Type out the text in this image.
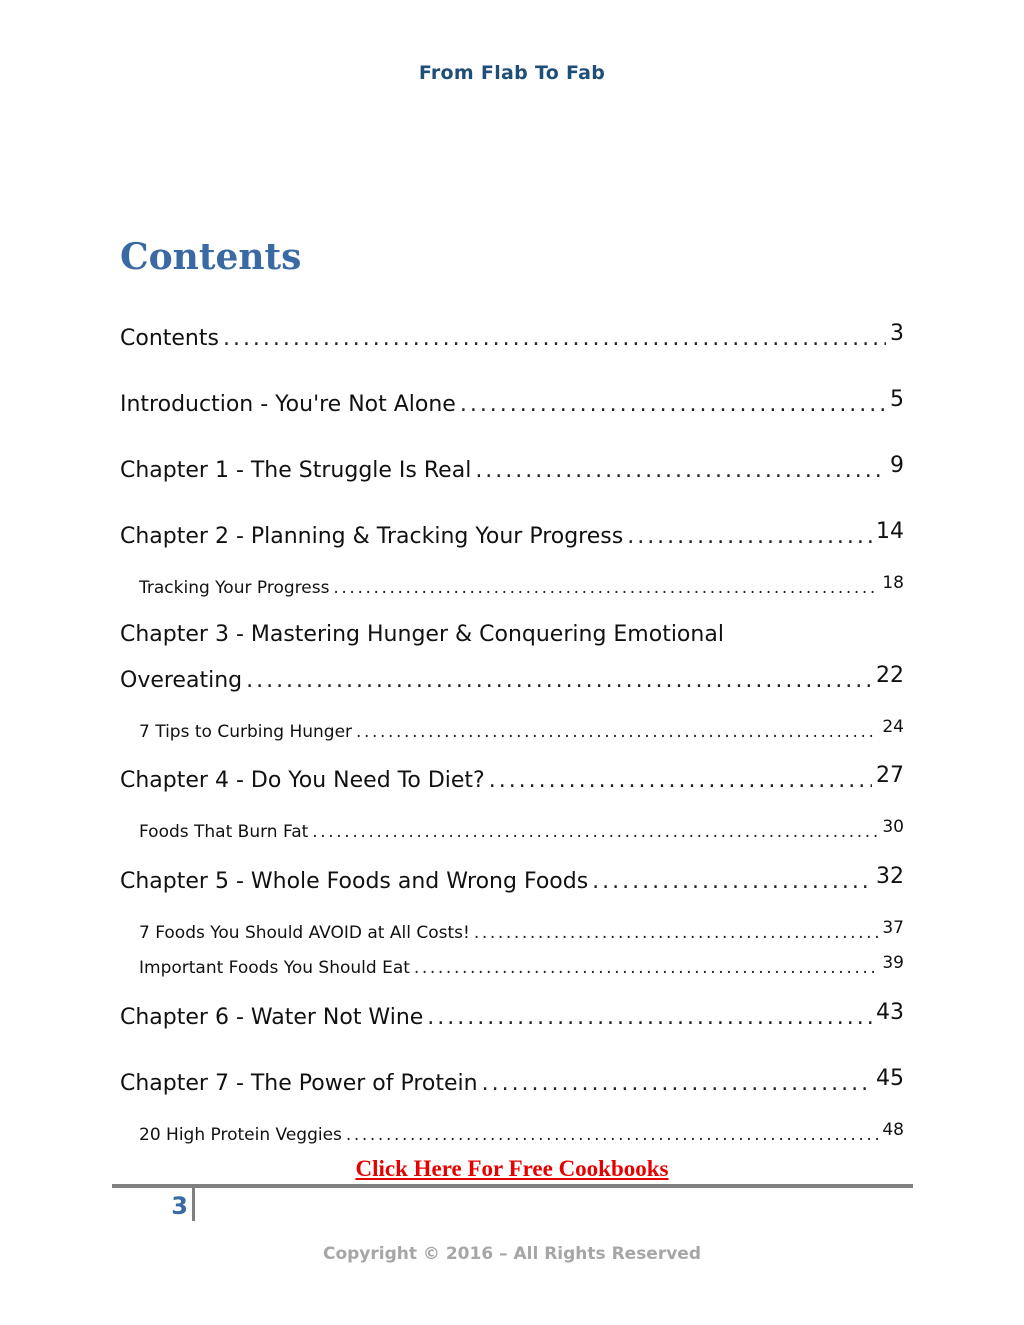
From Flab To Fab
Contents
Contents . . .	3
Introduction - You're Not Alone . . .	5
Chapter 1 - The Struggle Is Real . . .	9
Chapter 2 - Planning & Tracking Your Progress . . .	14
Tracking Your Progress . . .	18
Chapter 3 - Mastering Hunger & Conquering Emotional
Overeating . . .	22
7 Tips to Curbing Hunger . . .	24
Chapter 4 - Do You Need To Diet? . . .	27
Foods That Burn Fat . . .	30
Chapter 5 - Whole Foods and Wrong Foods . . .	32
7 Foods You Should AVOID at All Costs! . . .	37
Important Foods You Should Eat . . .	39
Chapter 6 - Water Not Wine . . .	43
Chapter 7 - The Power of Protein . . .	45
20 High Protein Veggies . . .	48
Click Here For Free Cookbooks
3
Copyright © 2016 – All Rights Reserved
